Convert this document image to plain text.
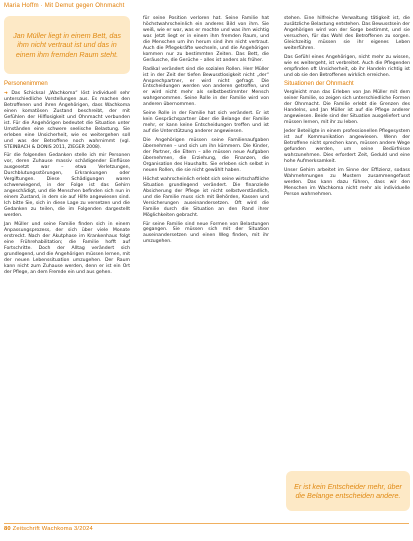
Maria Hoffm · Mit Demut gegen Ohnmacht
Jan Müller liegt in einem Bett, das ihm nicht vertraut ist und das in einem ihm fremden Raum steht.
Personenimmen

➜ Das Schicksal „Wachkoma“ löst individuell sehr unterschiedliche Vorstellungen aus. Es machen den Betroffenen und ihren Angehörigen, dass Wachkoma einen komatösen Zustand beschreibt, der mit Gefühlen der Hilflosigkeit und Ohnmacht verbunden ist. Für die Angehörigen bedeutet die Situation unter Umständen eine schwere seelische Belastung. Sie erleben eine Unsicherheit, wie es weitergehen soll und was der Betroffene noch wahrnimmt (vgl. STEINBACH & DONIS 2011, ZIEGER 2008).

Für die folgenden Gedanken stelle ich mir Personen vor, deren Zuhause massiv schädigender Einflüsse ausgesetzt war – etwa Verletzungen, Durchblutungsstörungen, Erkrankungen oder Vergiftungen. Diese Schädigungen waren schwerwiegend, in der Folge ist das Gehirn angeschädigt, und die Menschen befinden sich nun in einem Zustand, in dem sie auf Hilfe angewiesen sind. Ich bitte Sie, sich in diese Lage zu versetzen und die Gedanken zu teilen, die im Folgenden dargestellt werden.

Jan Müller und seine Familie finden sich in einem Anpassungsprozess, der sich über viele Monate erstreckt. Nach der Akutphase im Krankenhaus folgt eine Frührehabilitation; die Familie hofft auf Fortschritte. Doch der Alltag verändert sich grundlegend, und die Angehörigen müssen lernen, mit der neuen Lebenssituation umzugehen. Der Raum kann nicht zum Zuhause werden, denn er ist ein Ort der Pflege, an dem Fremde ein und aus gehen.

für seine Position verloren hat. Seine Familie hat höchstwahrscheinlich ein anderes Bild von ihm. Sie weiß, wie er war, was er mochte und was ihm wichtig war. Jetzt liegt er in einem ihm fremden Raum, und die Menschen um ihn herum sind ihm nicht vertraut. Auch die Pflegekräfte wechseln, und die Angehörigen kommen nur zu bestimmten Zeiten. Das Bett, die Geräusche, die Gerüche – alles ist anders als früher.

Radikal verändert sind die sozialen Rollen. Herr Müller ist in der Zeit der tiefen Bewusstlosigkeit nicht „der“ Ansprechpartner, er wird nicht gefragt. Die Entscheidungen werden von anderen getroffen, und er wird nicht mehr als selbstbestimmter Mensch wahrgenommen. Seine Rolle in der Familie wird von anderen übernommen.

Seine Rolle in der Familie hat sich verändert. Er ist kein Gesprächspartner über die Belange der Familie mehr, er kann keine Entscheidungen treffen und ist auf die Unterstützung anderer angewiesen.

Die Angehörigen müssen seine Familienaufgaben übernehmen – und sich um ihn kümmern. Die Kinder, der Partner, die Eltern – alle müssen neue Aufgaben übernehmen, die Erziehung, die Finanzen, die Organisation des Haushalts. Sie erleben sich selbst in neuen Rollen, die sie nicht gewählt haben.

Höchst wahrscheinlich erlebt sich seine wirtschaftliche Situation grundlegend verändert. Die finanzielle Absicherung der Pflege ist nicht selbstverständlich, und die Familie muss sich mit Behörden, Kassen und Versicherungen auseinandersetzen. Oft wird die Familie durch die Situation an den Rand ihrer Möglichkeiten gebracht.

Für seine Familie sind neue Formen von Belastungen gegangen. Sie müssen sich mit der Situation auseinandersetzen und einen Weg finden, mit ihr umzugehen.

stehen. Eine hilfreiche Verwaltung tätigkeit ist, die zusätzliche Belastung entstehen. Das Bewusstsein der Angehörigen wird von der Sorge bestimmt, und sie versuchen, für das Wohl des Betroffenen zu sorgen. Gleichzeitig müssen sie ihr eigenes Leben weiterführen.

Das Gefühl eines Angehörigen, nicht mehr zu wissen, wie es weitergeht, ist verbreitet. Auch die Pflegenden empfinden oft Unsicherheit, ob ihr Handeln richtig ist und ob sie den Betroffenen wirklich erreichen.

Situationen der Ohnmacht

Vergleicht man das Erleben von Jan Müller mit dem seiner Familie, so zeigen sich unterschiedliche Formen der Ohnmacht. Die Familie erlebt die Grenzen des Handelns, und Jan Müller ist auf die Pflege anderer angewiesen. Beide sind der Situation ausgeliefert und müssen lernen, mit ihr zu leben.

Jeder Beteiligte in einem professionellen Pflegesystem ist auf Kommunikation angewiesen. Wenn der Betroffene nicht sprechen kann, müssen andere Wege gefunden werden, um seine Bedürfnisse wahrzunehmen. Dies erfordert Zeit, Geduld und eine hohe Aufmerksamkeit.

Unser Gehirn arbeitet im Sinne der Effizienz, sodass Wahrnehmungen zu Mustern zusammengefasst werden. Das kann dazu führen, dass wir den Menschen im Wachkoma nicht mehr als individuelle Person wahrnehmen.

Er ist kein Entscheider mehr, über die Belange entscheiden andere.
80 Zeitschrift Wachkoma 3/2024
